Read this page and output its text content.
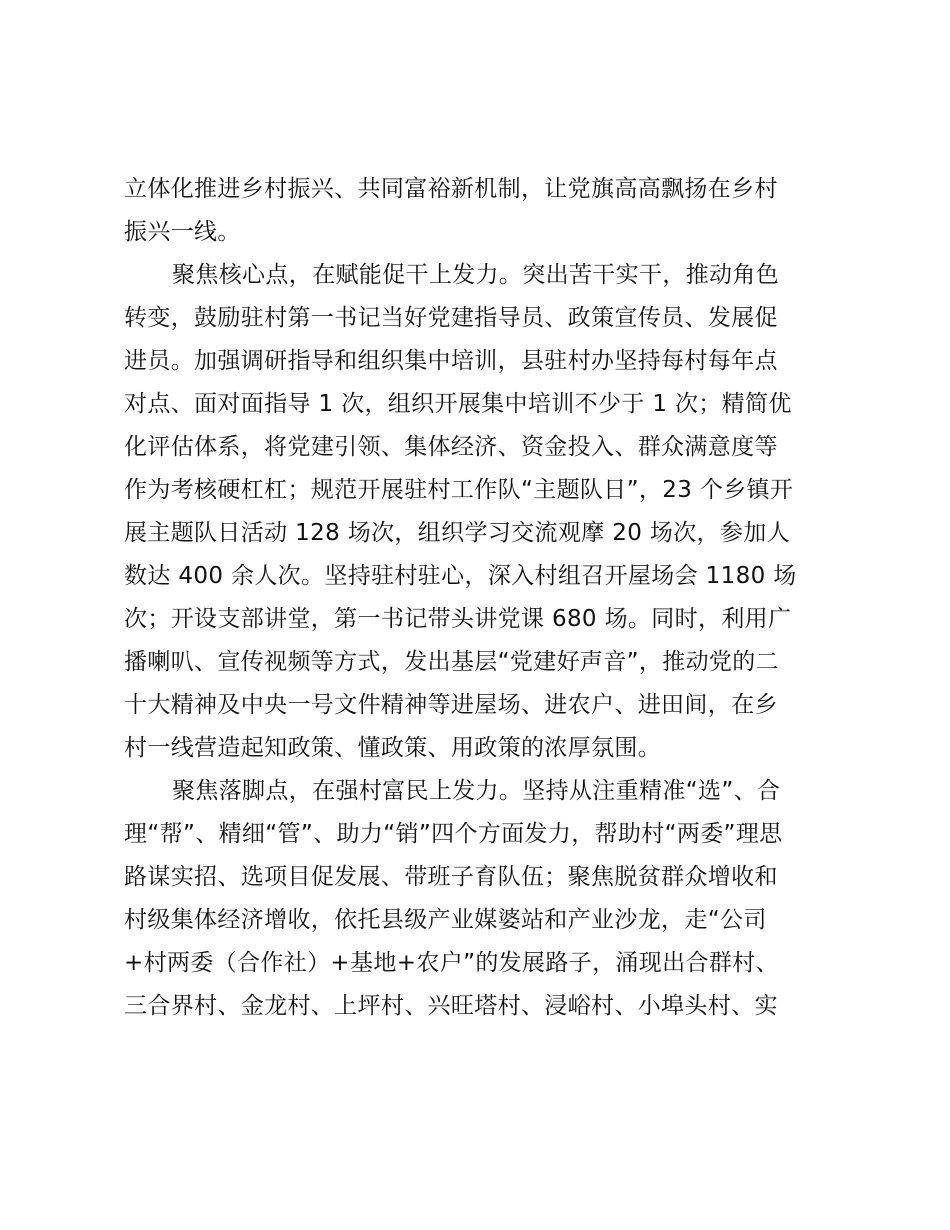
立体化推进乡村振兴、共同富裕新机制，让党旗高高飘扬在乡村
振兴一线。
聚焦核心点，在赋能促干上发力。突出苦干实干，推动角色
转变，鼓励驻村第一书记当好党建指导员、政策宣传员、发展促
进员。加强调研指导和组织集中培训，县驻村办坚持每村每年点
对点、面对面指导 1 次，组织开展集中培训不少于 1 次；精简优
化评估体系，将党建引领、集体经济、资金投入、群众满意度等
作为考核硬杠杠；规范开展驻村工作队“主题队日”，23 个乡镇开
展主题队日活动 128 场次，组织学习交流观摩 20 场次，参加人
数达 400 余人次。坚持驻村驻心，深入村组召开屋场会 1180 场
次；开设支部讲堂，第一书记带头讲党课 680 场。同时，利用广
播喇叭、宣传视频等方式，发出基层“党建好声音”，推动党的二
十大精神及中央一号文件精神等进屋场、进农户、进田间，在乡
村一线营造起知政策、懂政策、用政策的浓厚氛围。
聚焦落脚点，在强村富民上发力。坚持从注重精准“选”、合
理“帮”、精细“管”、助力“销”四个方面发力，帮助村“两委”理思
路谋实招、选项目促发展、带班子育队伍；聚焦脱贫群众增收和
村级集体经济增收，依托县级产业媒婆站和产业沙龙，走“公司
+村两委（合作社）+基地+农户”的发展路子，涌现出合群村、
三合界村、金龙村、上坪村、兴旺塔村、浸峪村、小埠头村、实
